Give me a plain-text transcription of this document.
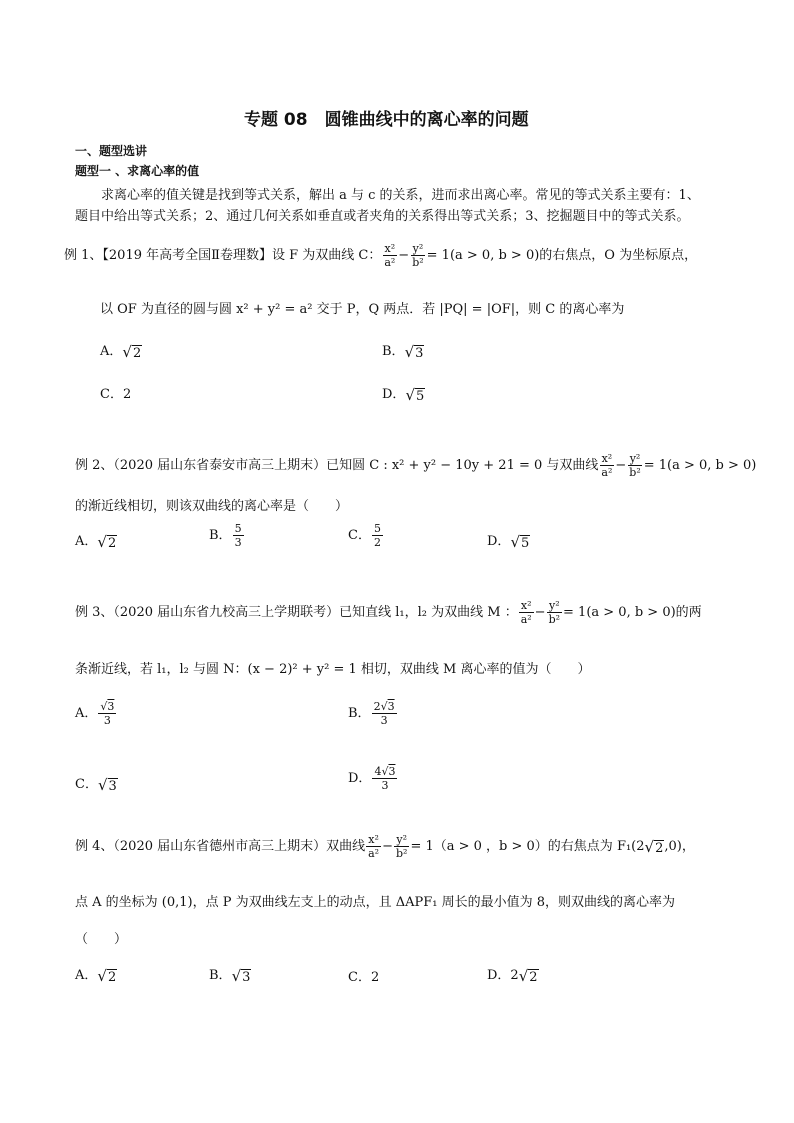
专题 08　圆锥曲线中的离心率的问题
一、题型选讲
题型一 、求离心率的值
求离心率的值关键是找到等式关系，解出 a 与 c 的关系，进而求出离心率。常见的等式关系主要有：1、
题目中给出等式关系；2、通过几何关系如垂直或者夹角的关系得出等式关系；3、挖掘题目中的等式关系。
例 1、【2019 年高考全国Ⅱ卷理数】设 F 为双曲线 C： $\frac{\text{x²}}{\text{a²}} - \frac{\text{y²}}{\text{b²}} = 1(a > 0$, b > 0)的右焦点，O 为坐标原点，
以 OF 为直径的圆与圆 x² + y² = a² 交于 P，Q 两点．若 |PQ| = |OF|，则 C 的离心率为
A．√2	B．√3
C．2	D．√5
例 2、（2020 届山东省泰安市高三上期末）已知圆 C : x² + y² − 10y + 21 = 0 与双曲线 $\frac{\text{x²}}{\text{a²}} - \frac{\text{y²}}{\text{b²}} = 1(a > 0$, b > 0)
的渐近线相切，则该双曲线的离心率是（　　）
A．√2	B． $\frac{5}{3}$	C． $\frac{5}{2}$	D．√5
例 3、（2020 届山东省九校高三上学期联考）已知直线 l₁，l₂ 为双曲线 M ： $\frac{\text{x²}}{\text{a²}} - \frac{\text{y²}}{\text{b²}} = 1(a > 0$, b > 0)的两
条渐近线，若 l₁，l₂ 与圆 N：(x − 2)² + y² = 1 相切，双曲线 M 离心率的值为（　　）
A． $\frac{√3}{3}$	B． $\frac{2√3}{3}$
C．√3	D． $\frac{4√3}{3}$
例 4、（2020 届山东省德州市高三上期末）双曲线 $\frac{\text{x²}}{\text{a²}} - \frac{\text{y²}}{\text{b²}} = 1(a > 0$ ，b > 0）的右焦点为 F₁(2√2,0)，
点 A 的坐标为 (0,1)，点 P 为双曲线左支上的动点，且 ΔAPF₁ 周长的最小值为 8，则双曲线的离心率为
（　　）
A．√2	B．√3	C．2	D．2√2
